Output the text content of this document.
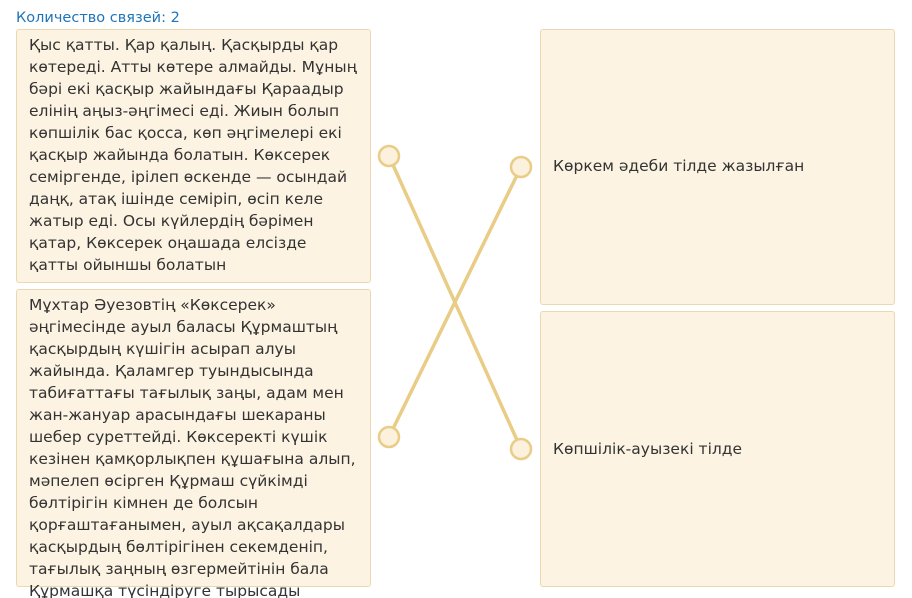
Количество связей: 2
Қыс қатты. Қар қалың. Қасқырды қар көтереді. Атты көтере алмайды. Мұның бәрі екі қасқыр жайындағы Қараадыр елінің аңыз-әңгімесі еді. Жиын болып көпшілік бас қосса, көп әңгімелері екі қасқыр жайында болатын. Көксерек семіргенде, ірілеп өскенде — осындай даңқ, атақ ішінде семіріп, өсіп келе жатыр еді. Осы күйлердің бәрімен қатар, Көксерек оңашада елсізде қатты ойыншы болатын
Мұхтар Әуезовтің «Көксерек» әңгімесінде ауыл баласы Құрмаштың қасқырдың күшігін асырап алуы жайында. Қаламгер туындысында табиғаттағы тағылық заңы, адам мен жан-жануар арасындағы шекараны шебер суреттейді. Көксеректі күшік кезінен қамқорлықпен құшағына алып, мәпелеп өсірген Құрмаш сүйкімді бөлтірігін кімнен де болсын қорғаштағанымен, ауыл ақсақалдары қасқырдың бөлтірігінен секемденіп, тағылық заңның өзгермейтінін бала Құрмашқа түсіндіруге тырысады
Көркем әдеби тілде жазылған
Көпшілік-ауызекі тілде
